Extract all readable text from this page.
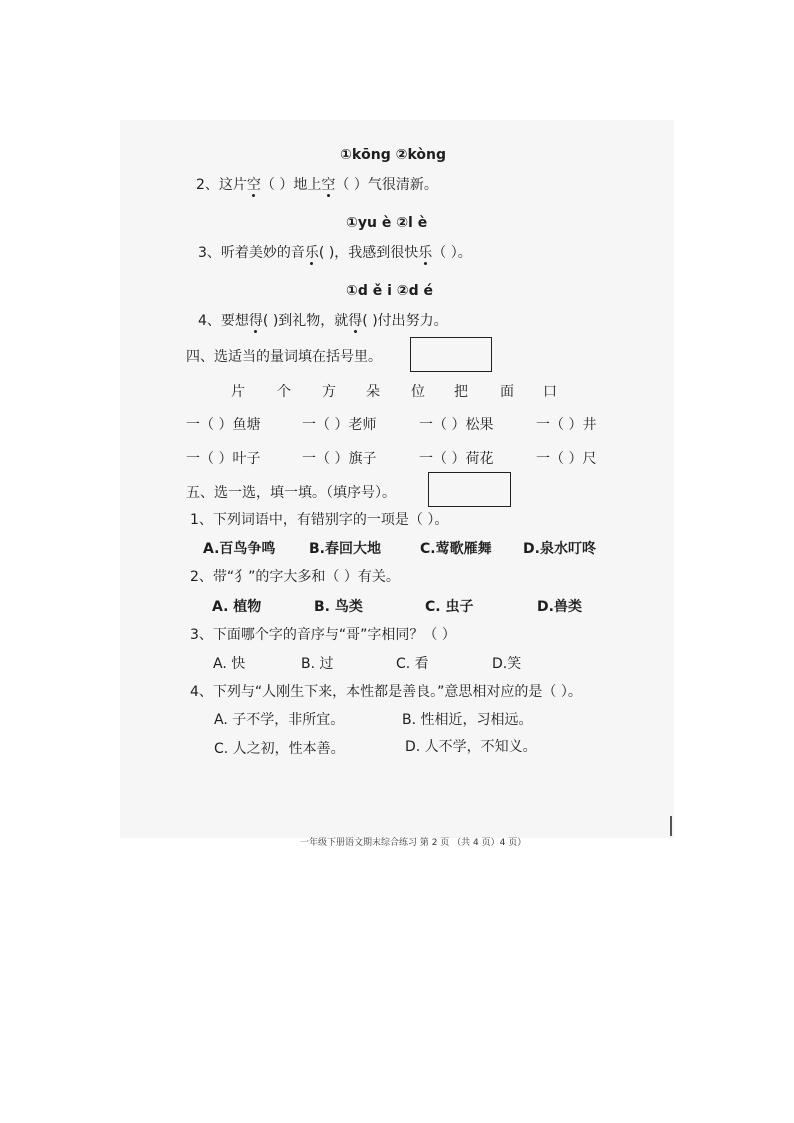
①kōng ②kòng
2、这片空（ ）地上空（ ）气很清新。
①yu è ②l è
3、听着美妙的音乐( )，我感到很快乐（ ）。
①d ě i ②d é
4、要想得( )到礼物，就得( )付出努力。
四、选适当的量词填在括号里。
片 个 方 朵 位 把 面 口
一（ ）鱼塘	一（ ）老师	一（ ）松果	一（ ）井
一（ ）叶子	一（ ）旗子	一（ ）荷花	一（ ）尺
五、选一选，填一填。（填序号）。
1、下列词语中，有错别字的一项是（ ）。
A.百鸟争鸣 B.春回大地	C.莺歌雁舞 D.泉水叮咚
2、带“犭”的字大多和（ ）有关。
A. 植物	B. 鸟类	C. 虫子	D.兽类
3、下面哪个字的音序与“哥”字相同？（ ）
A. 快	B. 过	C. 看	D.笑
4、下列与“人刚生下来，本性都是善良。”意思相对应的是（ ）。
A. 子不学，非所宜。	B. 性相近，习相远。
C. 人之初，性本善。	D. 人不学，不知义。
一年级下册语文期末综合练习 第 2 页 （共 4 页）4 页）
